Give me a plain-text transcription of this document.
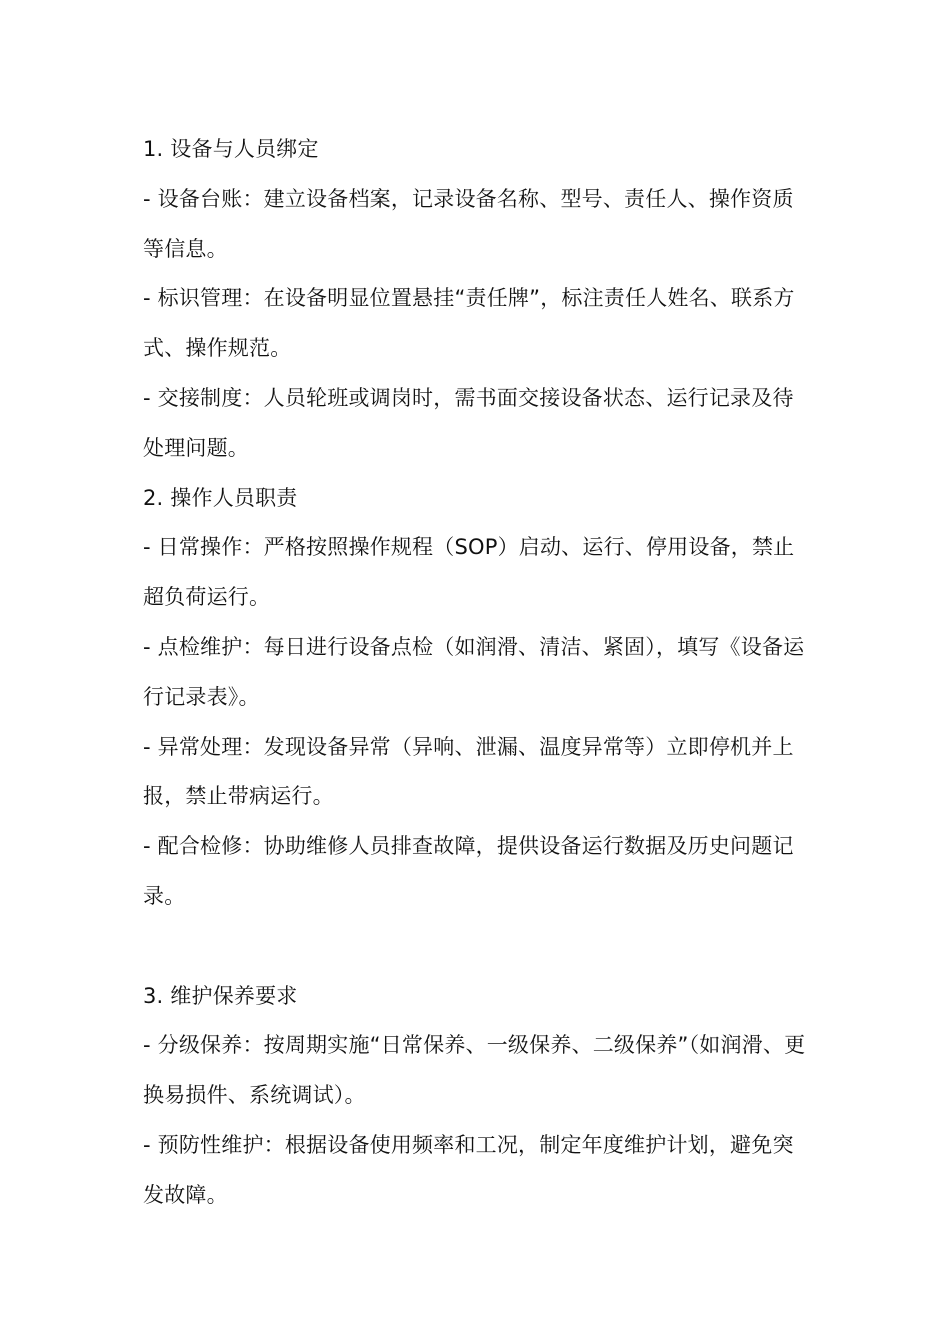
1. 设备与人员绑定

- 设备台账：建立设备档案，记录设备名称、型号、责任人、操作资质等信息。

- 标识管理：在设备明显位置悬挂“责任牌”，标注责任人姓名、联系方式、操作规范。

- 交接制度：人员轮班或调岗时，需书面交接设备状态、运行记录及待处理问题。

2. 操作人员职责

- 日常操作：严格按照操作规程（SOP）启动、运行、停用设备，禁止超负荷运行。

- 点检维护：每日进行设备点检（如润滑、清洁、紧固），填写《设备运行记录表》。

- 异常处理：发现设备异常（异响、泄漏、温度异常等）立即停机并上报，禁止带病运行。

- 配合检修：协助维修人员排查故障，提供设备运行数据及历史问题记录。

3. 维护保养要求

- 分级保养：按周期实施“日常保养、一级保养、二级保养”（如润滑、更换易损件、系统调试）。

- 预防性维护：根据设备使用频率和工况，制定年度维护计划，避免突发故障。
